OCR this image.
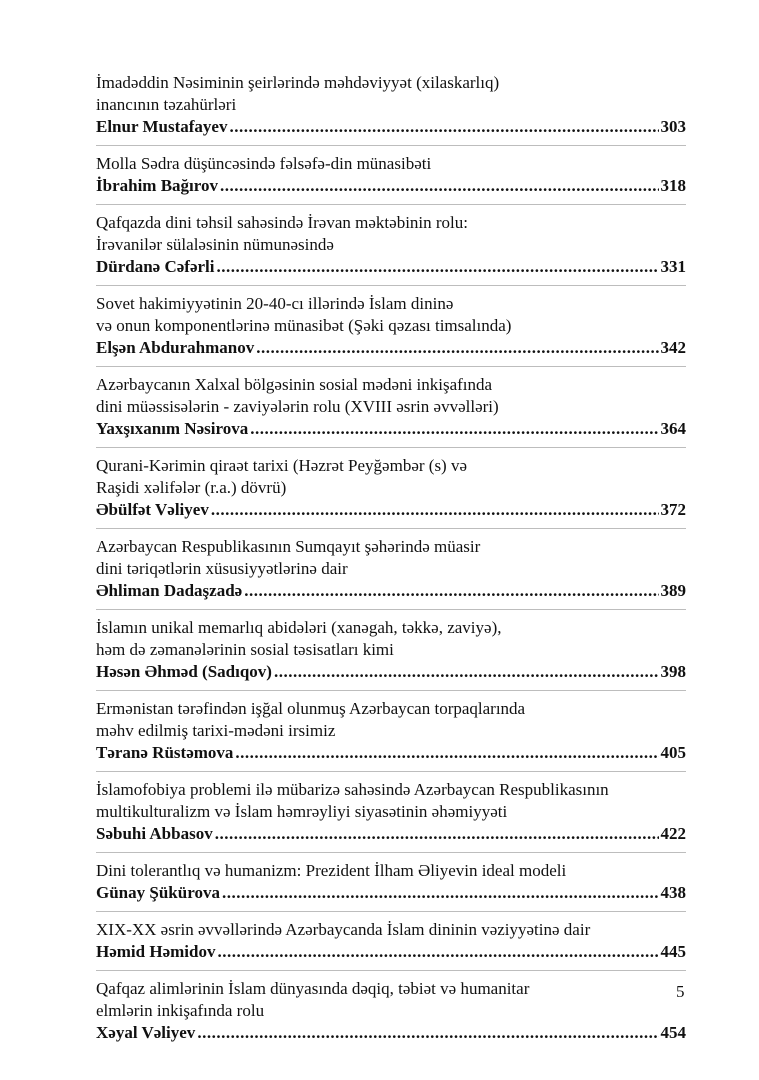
İmadəddin Nəsiminin şeirlərində məhdəviyyət (xilaskarlıq)
inancının təzahürləri
Elnur Mustafayev .....	303
Molla Sədra düşüncəsində fəlsəfə-din münasibəti
İbrahim Bağırov .....	318
Qafqazda dini təhsil sahəsində İrəvan məktəbinin rolu:
İrəvanilər sülaləsinin nümunəsində
Dürdanə Cəfərli .....	331
Sovet hakimiyyətinin 20-40-cı illərində İslam dininə
və onun komponentlərinə münasibət (Şəki qəzası timsalında)
Elşən Abdurahmanov .....	342
Azərbaycanın Xalxal bölgəsinin sosial mədəni inkişafında
dini müəssisələrin - zaviyələrin rolu (XVIII əsrin əvvəlləri)
Yaxşıxanım Nəsirova .....	364
Qurani-Kərimin qiraət tarixi (Həzrət Peyğəmbər (s) və
Raşidi xəlifələr (r.a.) dövrü)
Əbülfət Vəliyev .....	372
Azərbaycan Respublikasının Sumqayıt şəhərində müasir
dini təriqətlərin xüsusiyyətlərinə dair
Əhliman Dadaşzadə .....	389
İslamın unikal memarlıq abidələri (xanəgah, təkkə, zaviyə),
həm də zəmanələrinin sosial təsisatları kimi
Həsən Əhməd (Sadıqov) .....	398
Ermənistan tərəfindən işğal olunmuş Azərbaycan torpaqlarında
məhv edilmiş tarixi-mədəni irsimiz
Təranə Rüstəmova .....	405
İslamofobiya problemi ilə mübarizə sahəsində Azərbaycan Respublikasının
multikulturalizm və İslam həmrəyliyi siyasətinin əhəmiyyəti
Səbuhi Abbasov .....	422
Dini tolerantlıq və humanizm: Prezident İlham Əliyevin ideal modeli
Günay Şükürova .....	438
XIX-XX əsrin əvvəllərində Azərbaycanda İslam dininin vəziyyətinə dair
Həmid Həmidov .....	445
Qafqaz alimlərinin İslam dünyasında dəqiq, təbiət və humanitar
elmlərin inkişafında rolu
Xəyal Vəliyev .....	454
5
